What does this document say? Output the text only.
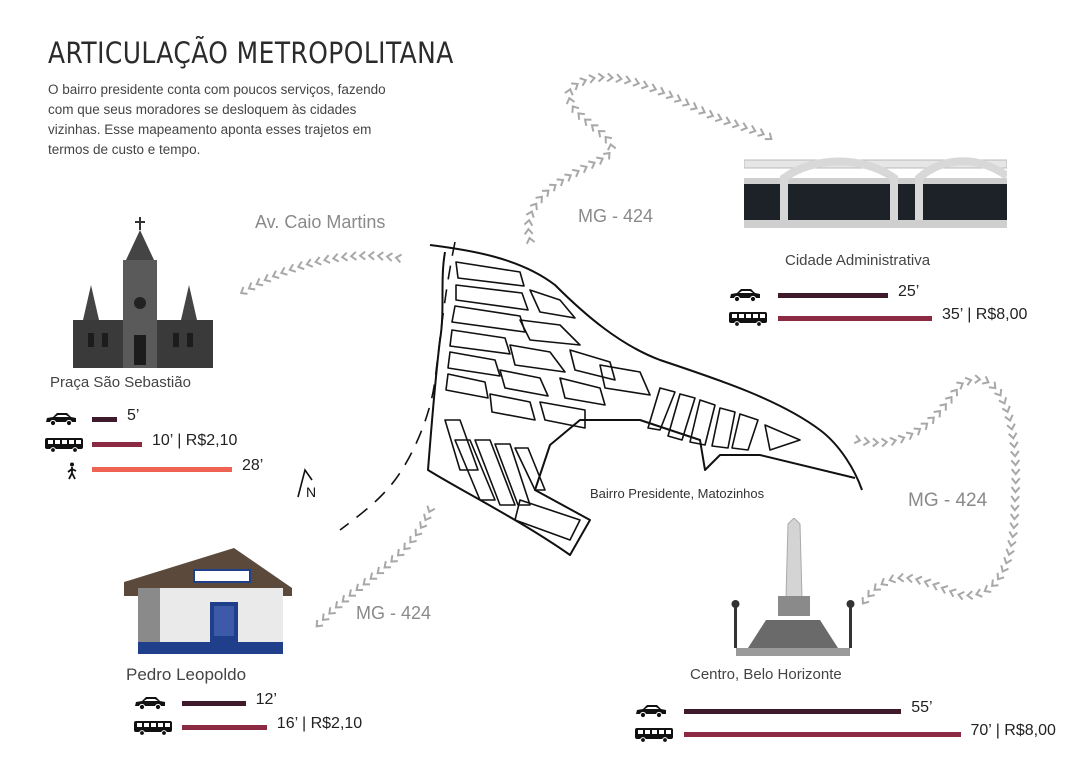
ARTICULAÇÃO METROPOLITANA
O bairro presidente conta com poucos serviços, fazendo com que seus moradores se desloquem às cidades vizinhas. Esse mapeamento aponta esses trajetos em termos de custo e tempo.
N
Av. Caio Martins	MG - 424
MG - 424
MG - 424
Bairro Presidente, Matozinhos
Praça São Sebastião
Cidade Administrativa
Pedro Leopoldo	Centro, Belo Horizonte
5’
10’ | R$2,10
28’
25’
35’ | R$8,00
12’
16’ | R$2,10
55’
70’ | R$8,00
